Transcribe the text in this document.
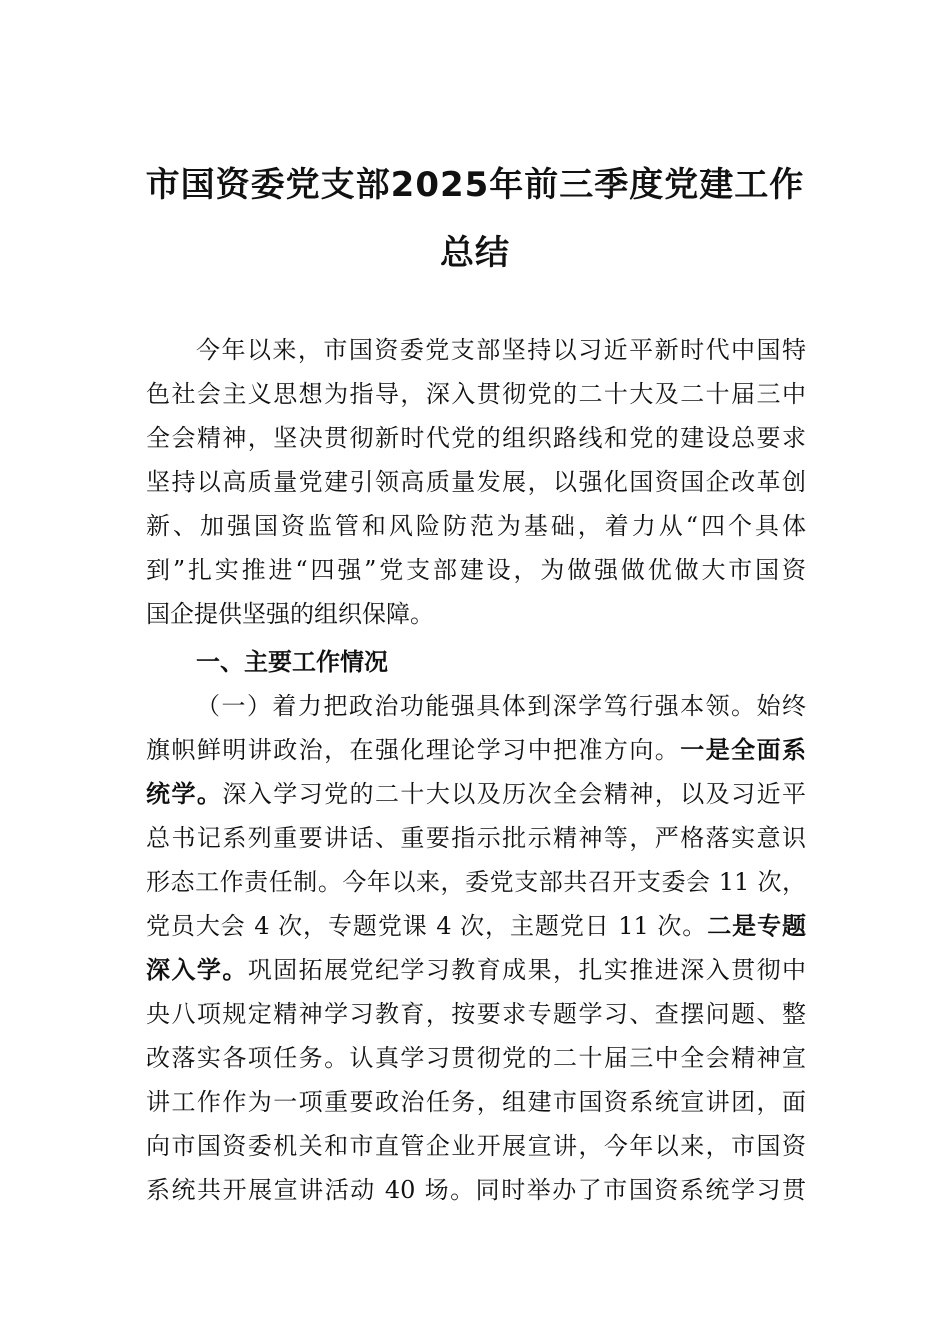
市国资委党支部2025年前三季度党建工作
总结
今年以来，市国资委党支部坚持以习近平新时代中国特
色社会主义思想为指导，深入贯彻党的二十大及二十届三中
全会精神，坚决贯彻新时代党的组织路线和党的建设总要求
坚持以高质量党建引领高质量发展，以强化国资国企改革创
新、加强国资监管和风险防范为基础，着力从“四个具体
到”扎实推进“四强”党支部建设，为做强做优做大市国资
国企提供坚强的组织保障。
一、主要工作情况
（一）着力把政治功能强具体到深学笃行强本领。始终
旗帜鲜明讲政治，在强化理论学习中把准方向。一是全面系
统学。深入学习党的二十大以及历次全会精神，以及习近平
总书记系列重要讲话、重要指示批示精神等，严格落实意识
形态工作责任制。今年以来，委党支部共召开支委会 11 次，
党员大会 4 次，专题党课 4 次，主题党日 11 次。二是专题
深入学。巩固拓展党纪学习教育成果，扎实推进深入贯彻中
央八项规定精神学习教育，按要求专题学习、查摆问题、整
改落实各项任务。认真学习贯彻党的二十届三中全会精神宣
讲工作作为一项重要政治任务，组建市国资系统宣讲团，面
向市国资委机关和市直管企业开展宣讲，今年以来，市国资
系统共开展宣讲活动 40 场。同时举办了市国资系统学习贯
